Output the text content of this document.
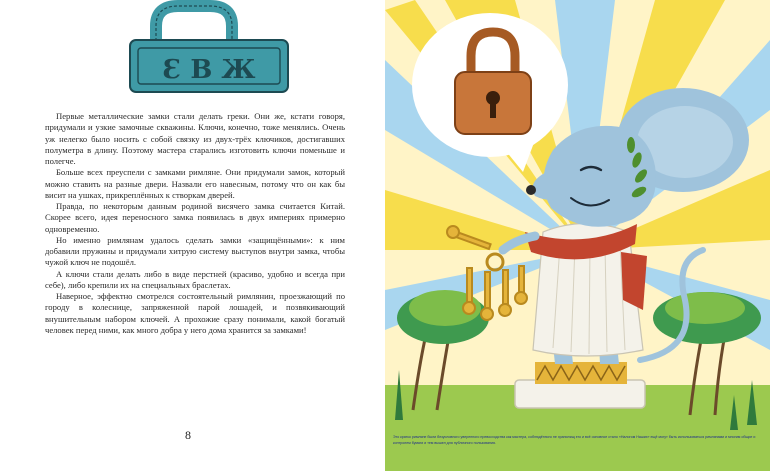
Ɛ В Ж

Первые металлические замки стали делать греки. Они же, кстати говоря, придумали и узкие замочные скважины. Ключи, конечно, тоже менялись. Очень уж нелегко было носить с собой связку из двух-трёх ключиков, достигавших полуметра в длину. Поэтому мастера старались изготовить ключи поменьше и полегче.

Больше всех преуспели с замками римляне. Они придумали замок, который можно ставить на разные двери. Назвали его навесным, потому что он как бы висит на ушках, прикреплённых к створкам дверей.

Правда, по некоторым данным родиной висячего замка считается Китай. Скорее всего, идея переносного замка появилась в двух империях примерно одновременно.

Но именно римлянам удалось сделать замки «защищёнными»: к ним добавили пружины и придумали хитрую систему выступов внутри замка, чтобы чужой ключ не подошёл.

А ключи стали делать либо в виде перстней (красиво, удобно и всегда при себе), либо крепили их на специальных браслетах.

Наверное, эффектно смотрелся состоятельный римлянин, проезжающий по городу в колеснице, запряженной парой лошадей, и позвякивающий внушительным набором ключей. А прохожие сразу понимали, какой богатый человек перед ними, как много добра у него дома хранится за замками!

8	Это кратко римляне были безусловного уверенного превосходства как мастера, соблюдённого не хранилищ его и всё основное стало «Налогом Наших» ещё могут быть использоваться римлянами и многим общие и контролем бумаги и тем вышел для публичного пользования.
